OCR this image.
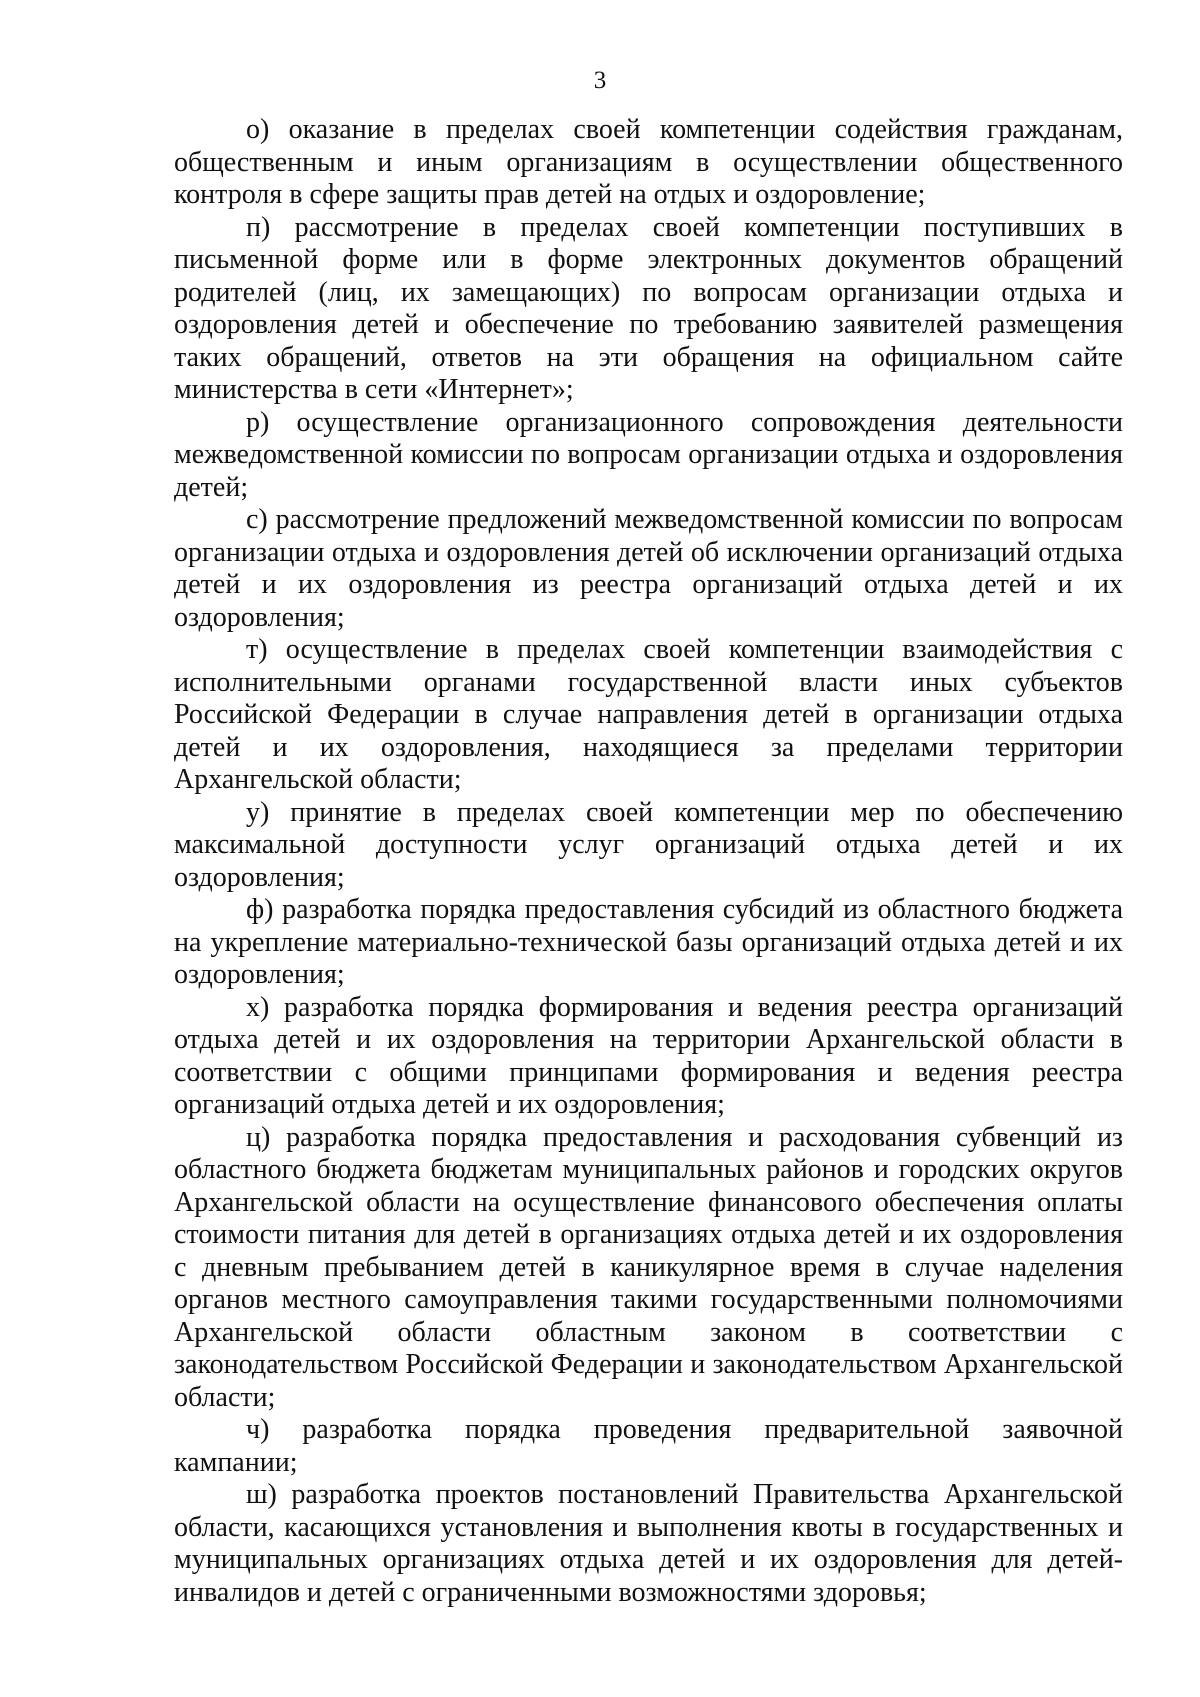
3

о) оказание в пределах своей компетенции содействия гражданам, общественным и иным организациям в осуществлении общественного контроля в сфере защиты прав детей на отдых и оздоровление;

п) рассмотрение в пределах своей компетенции поступивших в письменной форме или в форме электронных документов обращений родителей (лиц, их замещающих) по вопросам организации отдыха и оздоровления детей и обеспечение по требованию заявителей размещения таких обращений, ответов на эти обращения на официальном сайте министерства в сети «Интернет»;

р) осуществление организационного сопровождения деятельности межведомственной комиссии по вопросам организации отдыха и оздоровления детей;

с) рассмотрение предложений межведомственной комиссии по вопросам организации отдыха и оздоровления детей об исключении организаций отдыха детей и их оздоровления из реестра организаций отдыха детей и их оздоровления;

т) осуществление в пределах своей компетенции взаимодействия с исполнительными органами государственной власти иных субъектов Российской Федерации в случае направления детей в организации отдыха детей и их оздоровления, находящиеся за пределами территории Архангельской области;

у) принятие в пределах своей компетенции мер по обеспечению максимальной доступности услуг организаций отдыха детей и их оздоровления;

ф) разработка порядка предоставления субсидий из областного бюджета на укрепление материально-технической базы организаций отдыха детей и их оздоровления;

х) разработка порядка формирования и ведения реестра организаций отдыха детей и их оздоровления на территории Архангельской области в соответствии с общими принципами формирования и ведения реестра организаций отдыха детей и их оздоровления;

ц) разработка порядка предоставления и расходования субвенций из областного бюджета бюджетам муниципальных районов и городских округов Архангельской области на осуществление финансового обеспечения оплаты стоимости питания для детей в организациях отдыха детей и их оздоровления с дневным пребыванием детей в каникулярное время в случае наделения органов местного самоуправления такими государственными полномочиями Архангельской области областным законом в соответствии с законодательством Российской Федерации и законодательством Архангельской области;

ч) разработка порядка проведения предварительной заявочной кампании;

ш) разработка проектов постановлений Правительства Архангельской области, касающихся установления и выполнения квоты в государственных и муниципальных организациях отдыха детей и их оздоровления для детей-инвалидов и детей с ограниченными возможностями здоровья;
